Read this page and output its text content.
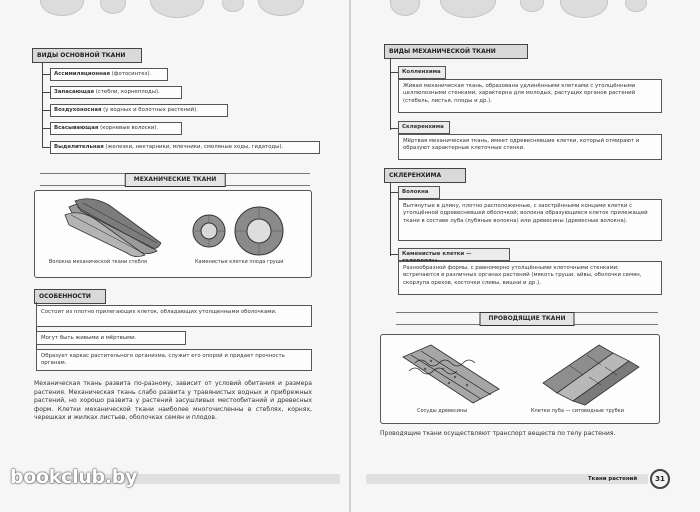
ВИДЫ ОСНОВНОЙ ТКАНИ
Ассимиляционная (фотосинтез).
Запасающая (стебли, корнеплоды).
Воздухоносная (у водных и болотных растений).
Всасывающая (корневые волоски).
Выделительная (железки, нектарники, млечники, смоляные ходы, гидатоды).
МЕХАНИЧЕСКИЕ ТКАНИ
Волокна механической ткани стебля	Каменистые клетки плода груши
ОСОБЕННОСТИ
Состоит из плотно прилегающих клеток, обладающих утолщенными оболочками.
Могут быть живыми и мёртвыми.
Образует каркас растительного организма, служит его опорой и придает прочность органам.
Механическая ткань развита по-разному, зависит от условий обитания и размера растения. Механическая ткань слабо развита у травянистых водных и прибрежных растений, но хорошо развита у растений засушливых местообитаний и древесных форм. Клетки механической ткани наиболее многочисленны в стеблях, корнях, черешках и жилках листьев, оболочках семян и плодов.
bookclub.by
ВИДЫ МЕХАНИЧЕСКОЙ ТКАНИ
Колленхима
Живая механическая ткань, образована удлинёнными клетками с утолщёнными целлюлозными стенками; характерна для молодых, растущих органов растений (стебель, листья, плоды и др.).
Склеренхима
Мёртвая механическая ткань, имеет одревесневшие клетки, который отмирают и образуют характерные клеточные стенки.
СКЛЕРЕНХИМА
Волокна
Вытянутые в длину, плотно расположенные, с заострёнными концами клетки с утолщённой одревесневшей оболочкой; волокна образующиеся клеток прилежащей ткани в составе луба (лубяные волокна) или древесины (древесные волокна).
Каменистые клетки —
Разнообразной формы, с равномерно утолщёнными клеточными стенками; встречаются в различных органах растений (мякоть груши, айвы, оболочки семян, скорлупа орехов, косточки сливы, вишни и др.).
ПРОВОДЯЩИЕ ТКАНИ
Сосуды древесины	Клетки луба — ситовидные трубки
Проводящие ткани осуществляют транспорт веществ по телу растения.
Ткани растений	31
